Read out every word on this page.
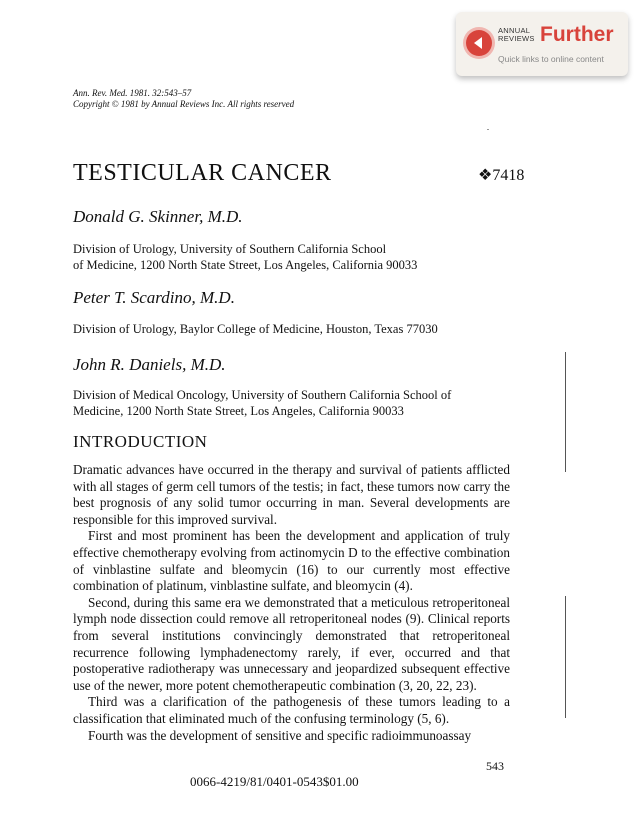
ANNUAL REVIEWS Further
Quick links to online content
Ann. Rev. Med. 1981. 32:543–57
Copyright © 1981 by Annual Reviews Inc. All rights reserved
TESTICULAR CANCER	❖7418
Donald G. Skinner, M.D.
Division of Urology, University of Southern California School
of Medicine, 1200 North State Street, Los Angeles, California 90033
Peter T. Scardino, M.D.
Division of Urology, Baylor College of Medicine, Houston, Texas 77030
John R. Daniels, M.D.
Division of Medical Oncology, University of Southern California School of
Medicine, 1200 North State Street, Los Angeles, California 90033
INTRODUCTION

Dramatic advances have occurred in the therapy and survival of patients afflicted with all stages of germ cell tumors of the testis; in fact, these tumors now carry the best prognosis of any solid tumor occurring in man. Several developments are responsible for this improved survival.

First and most prominent has been the development and application of truly effective chemotherapy evolving from actinomycin D to the effective combination of vinblastine sulfate and bleomycin (16) to our currently most effective combination of platinum, vinblastine sulfate, and bleomycin (4).

Second, during this same era we demonstrated that a meticulous retroperitoneal lymph node dissection could remove all retroperitoneal nodes (9). Clinical reports from several institutions convincingly demonstrated that retroperitoneal recurrence following lymphadenectomy rarely, if ever, occurred and that postoperative radiotherapy was unnecessary and jeopardized subsequent effective use of the newer, more potent chemotherapeutic combination (3, 20, 22, 23).

Third was a clarification of the pathogenesis of these tumors leading to a classification that eliminated much of the confusing terminology (5, 6).

Fourth was the development of sensitive and specific radioimmunoassay

543
0066-4219/81/0401-0543$01.00
